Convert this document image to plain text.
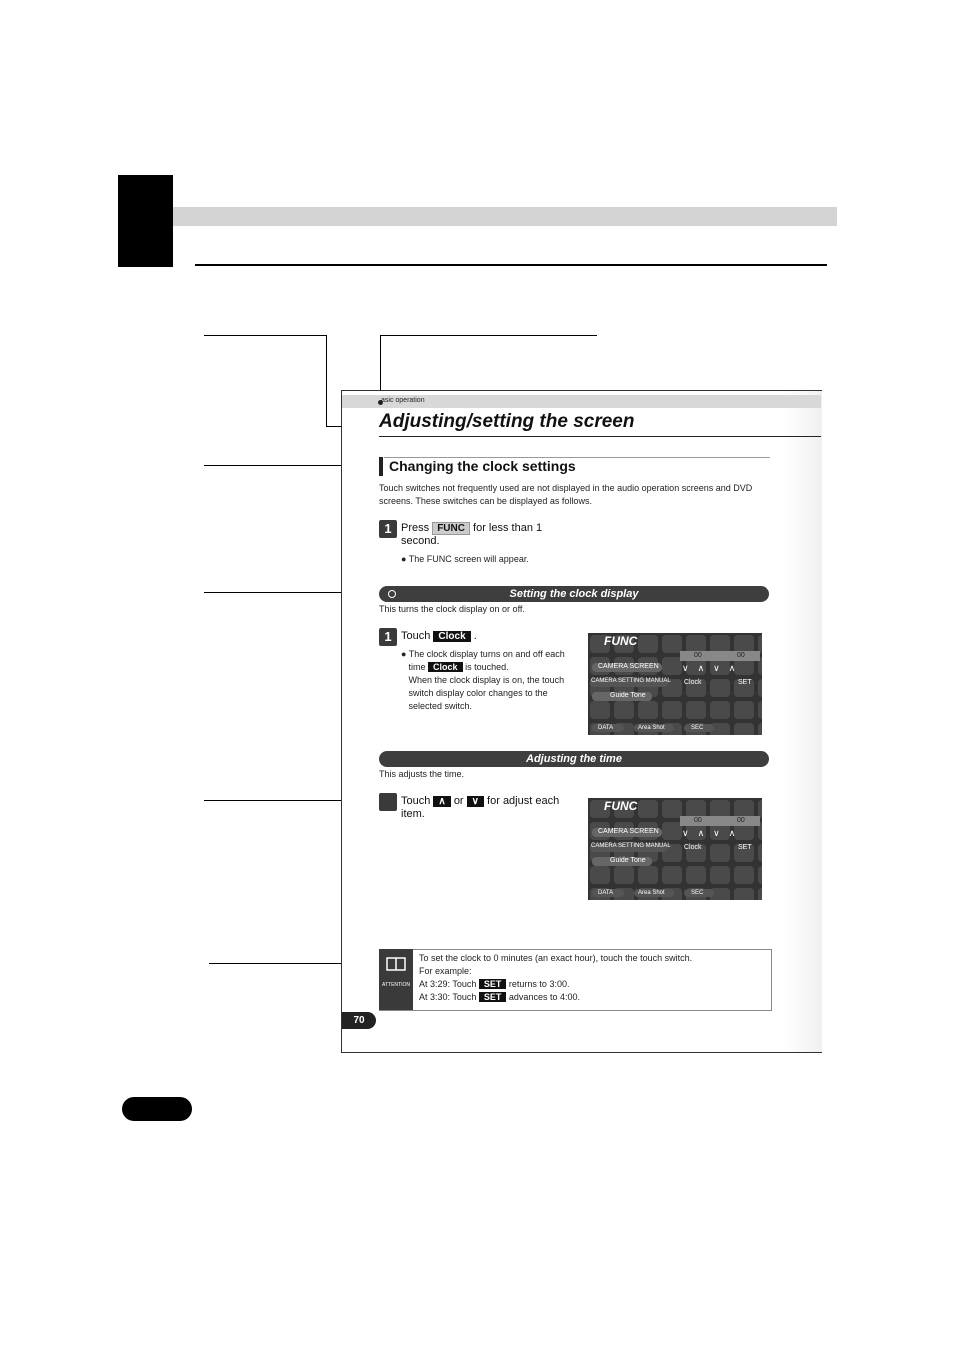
asic operation
Adjusting/setting the screen
Changing the clock settings
Touch switches not frequently used are not displayed in the audio operation screens and DVD screens. These switches can be displayed as follows.
1 Press FUNC for less than 1
second.
● The FUNC screen will appear.
Setting the clock display
This turns the clock display on or off.
1 Touch Clock .
● The clock display turns on and off each
time Clock is touched.
When the clock display is on, the touch
switch display color changes to the
selected switch.
FUNC
CAMERA SCREEN
CAMERA SETTING MANUAL
Guide Tone
00	00
∨∧∨∧
Clock	SET
DATA	Area Shot	SEC
Adjusting the time
This adjusts the time.
Touch ∧ or ∨ for adjust each
item.
FUNC
CAMERA SCREEN
CAMERA SETTING MANUAL
Guide Tone
00	00
∨∧∨∧
Clock	SET
DATA	Area Shot	SEC
ATTENTION
To set the clock to 0 minutes (an exact hour), touch the touch switch.
For example:
At 3:29: Touch SET returns to 3:00.
At 3:30: Touch SET advances to 4:00.
70
